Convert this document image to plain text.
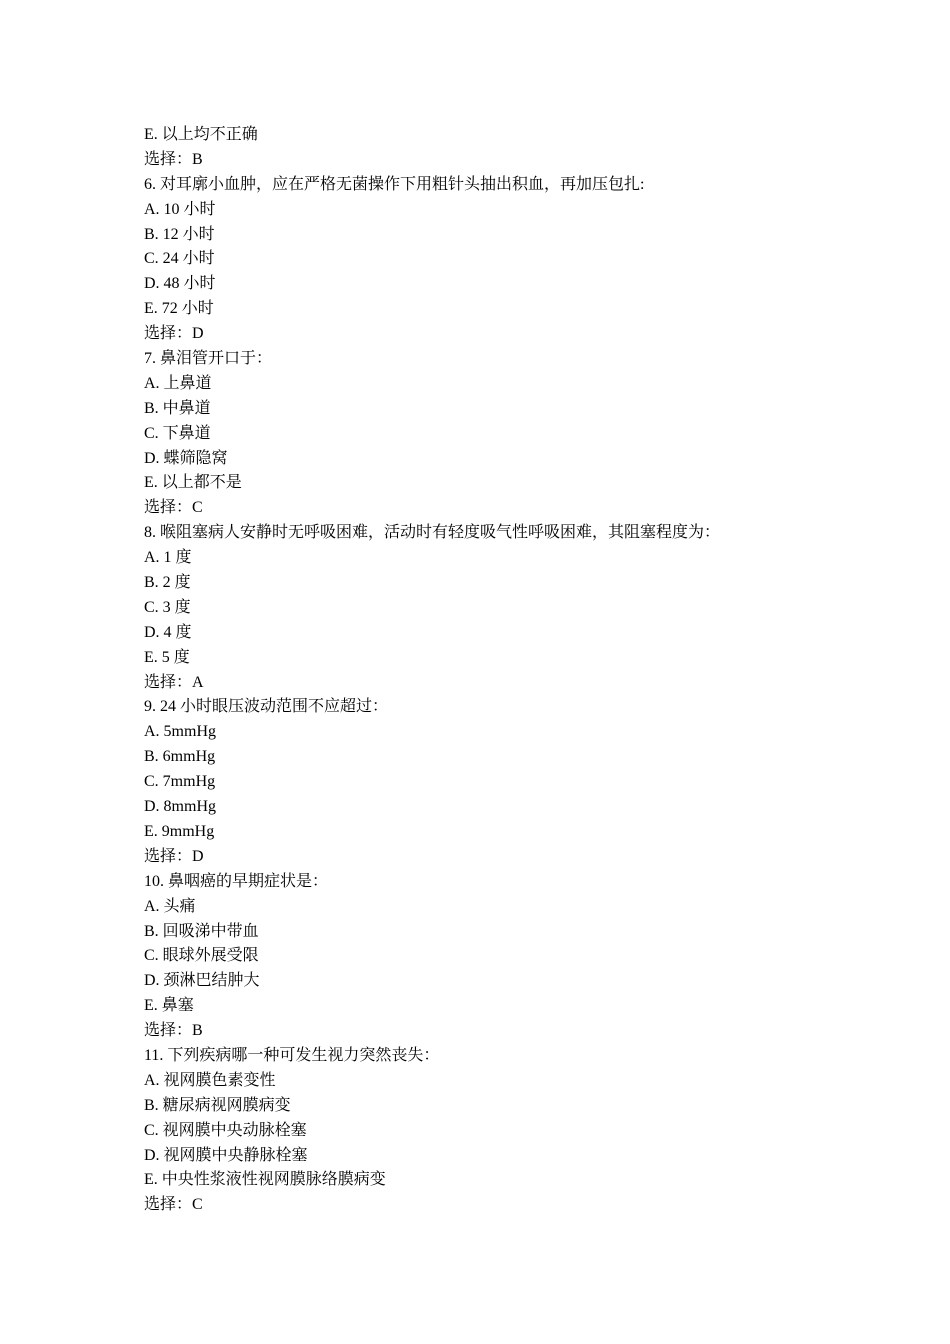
E. 以上均不正确
选择：B
6. 对耳廓小血肿，应在严格无菌操作下用粗针头抽出积血，再加压包扎:
A. 10 小时
B. 12 小时
C. 24 小时
D. 48 小时
E. 72 小时
选择：D
7. 鼻泪管开口于：
A. 上鼻道
B. 中鼻道
C. 下鼻道
D. 蝶筛隐窝
E. 以上都不是
选择：C
8. 喉阻塞病人安静时无呼吸困难，活动时有轻度吸气性呼吸困难，其阻塞程度为：
A. 1 度
B. 2 度
C. 3 度
D. 4 度
E. 5 度
选择：A
9. 24 小时眼压波动范围不应超过：
A. 5mmHg
B. 6mmHg
C. 7mmHg
D. 8mmHg
E. 9mmHg
选择：D
10. 鼻咽癌的早期症状是：
A. 头痛
B. 回吸涕中带血
C. 眼球外展受限
D. 颈淋巴结肿大
E. 鼻塞
选择：B
11. 下列疾病哪一种可发生视力突然丧失：
A. 视网膜色素变性
B. 糖尿病视网膜病变
C. 视网膜中央动脉栓塞
D. 视网膜中央静脉栓塞
E. 中央性浆液性视网膜脉络膜病变
选择：C
